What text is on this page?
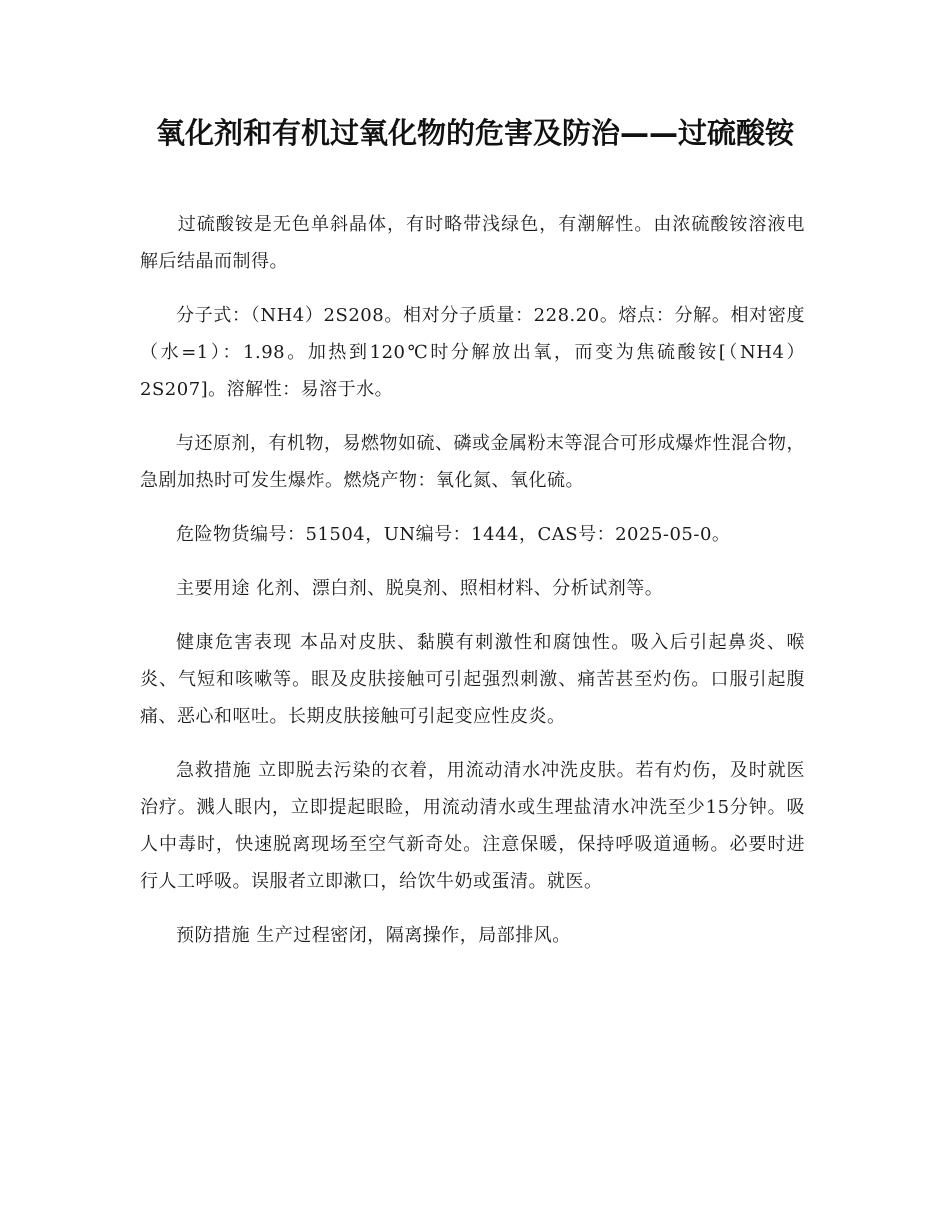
氧化剂和有机过氧化物的危害及防治——过硫酸铵

过硫酸铵是无色单斜晶体，有时略带浅绿色，有潮解性。由浓硫酸铵溶液电解后结晶而制得。

分子式：（NH4）2S208。相对分子质量：228.20。熔点：分解。相对密度（水=1）：1.98。加热到120℃时分解放出氧，而变为焦硫酸铵[（NH4）2S207]。溶解性：易溶于水。

与还原剂，有机物，易燃物如硫、磷或金属粉末等混合可形成爆炸性混合物，急剧加热时可发生爆炸。燃烧产物：氧化氮、氧化硫。

危险物货编号：51504，UN编号：1444，CAS号：2025-05-0。

主要用途 化剂、漂白剂、脱臭剂、照相材料、分析试剂等。

健康危害表现 本品对皮肤、黏膜有刺激性和腐蚀性。吸入后引起鼻炎、喉炎、气短和咳嗽等。眼及皮肤接触可引起强烈刺激、痛苦甚至灼伤。口服引起腹痛、恶心和呕吐。长期皮肤接触可引起变应性皮炎。

急救措施 立即脱去污染的衣着，用流动清水冲洗皮肤。若有灼伤，及时就医治疗。溅人眼内，立即提起眼睑，用流动清水或生理盐清水冲洗至少15分钟。吸人中毒时，快速脱离现场至空气新奇处。注意保暖，保持呼吸道通畅。必要时进行人工呼吸。误服者立即漱口，给饮牛奶或蛋清。就医。

预防措施 生产过程密闭，隔离操作，局部排风。
